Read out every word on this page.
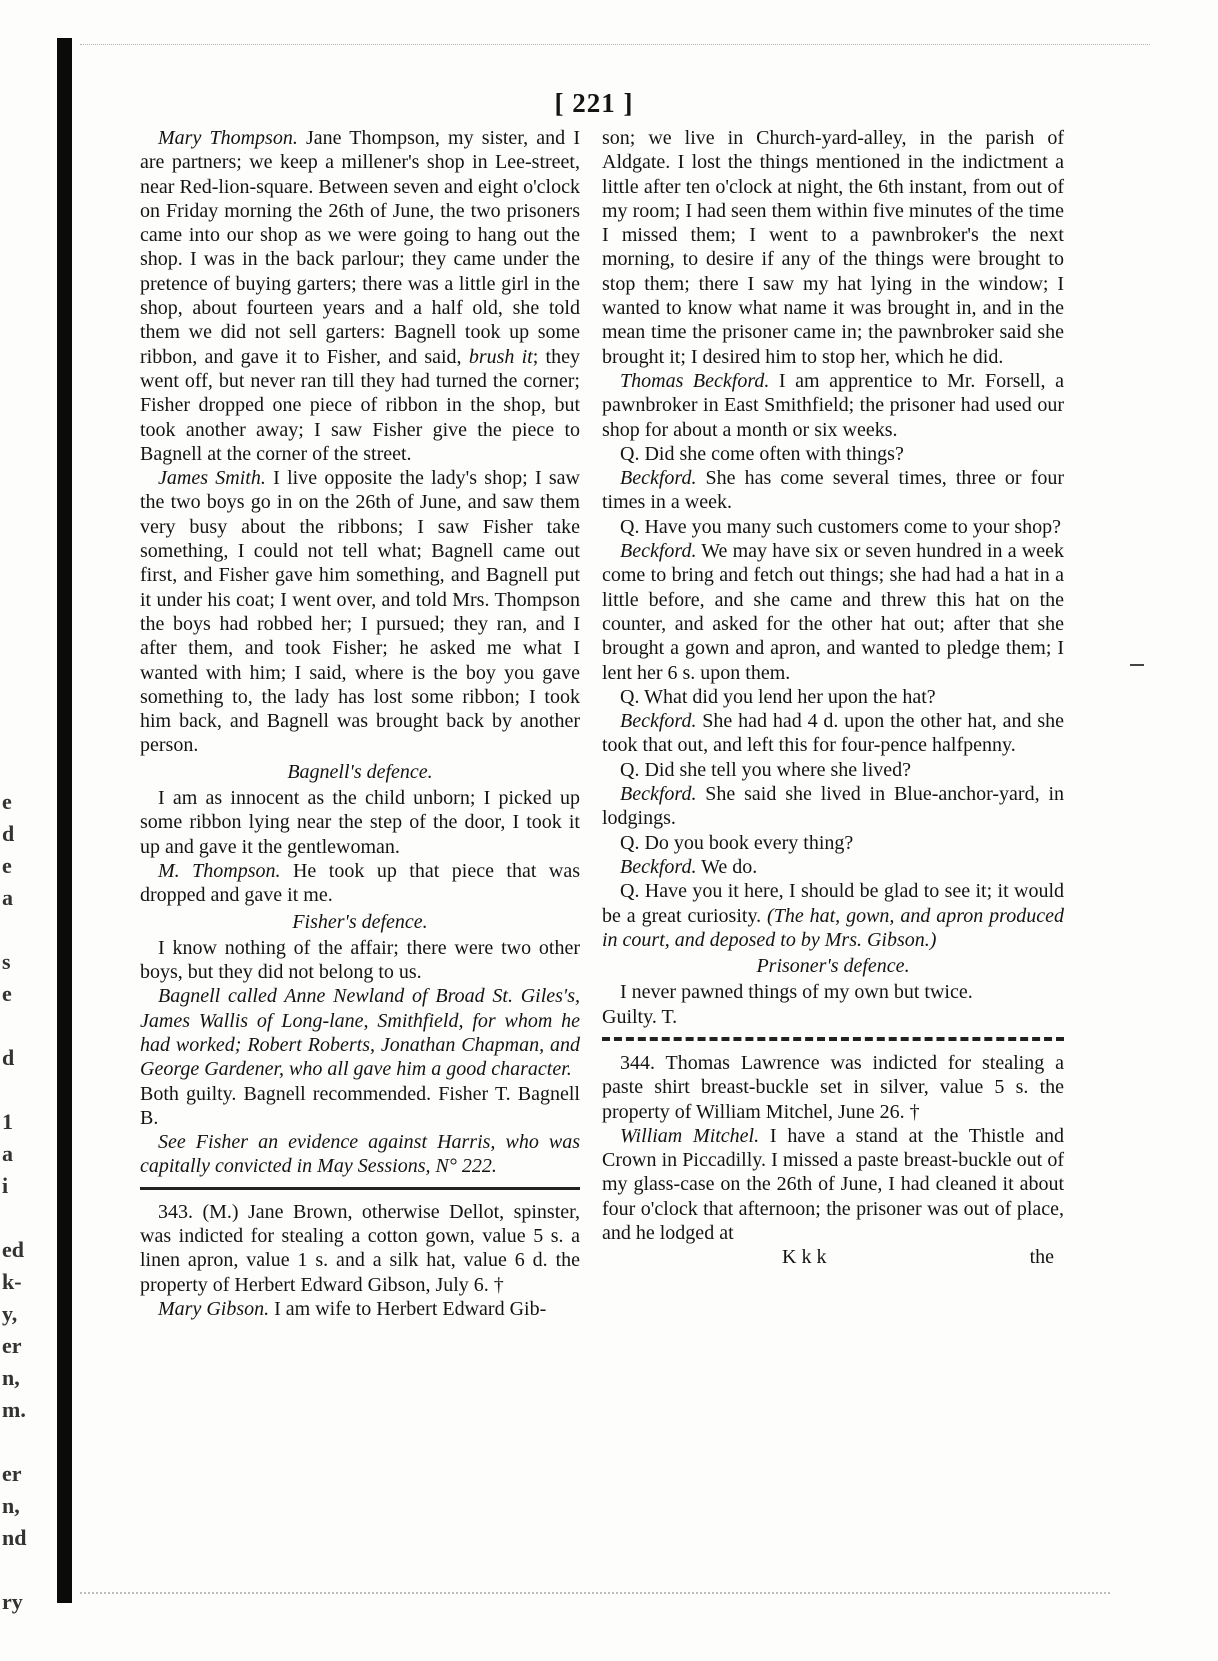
e
d
e
a
s
e
d
1
a
i
ed
k-
y,
er
n,
m.
er
n,
nd
ry
[ 221 ]

Mary Thompson. Jane Thompson, my sister, and I are partners; we keep a millener's shop in Lee-street, near Red-lion-square. Between seven and eight o'clock on Friday morning the 26th of June, the two prisoners came into our shop as we were going to hang out the shop. I was in the back parlour; they came under the pretence of buying garters; there was a little girl in the shop, about fourteen years and a half old, she told them we did not sell garters: Bagnell took up some ribbon, and gave it to Fisher, and said, brush it; they went off, but never ran till they had turned the corner; Fisher dropped one piece of ribbon in the shop, but took another away; I saw Fisher give the piece to Bagnell at the corner of the street.

James Smith. I live opposite the lady's shop; I saw the two boys go in on the 26th of June, and saw them very busy about the ribbons; I saw Fisher take something, I could not tell what; Bagnell came out first, and Fisher gave him something, and Bagnell put it under his coat; I went over, and told Mrs. Thompson the boys had robbed her; I pursued; they ran, and I after them, and took Fisher; he asked me what I wanted with him; I said, where is the boy you gave something to, the lady has lost some ribbon; I took him back, and Bagnell was brought back by another person.

Bagnell's defence.

I am as innocent as the child unborn; I picked up some ribbon lying near the step of the door, I took it up and gave it the gentlewoman.

M. Thompson. He took up that piece that was dropped and gave it me.

Fisher's defence.

I know nothing of the affair; there were two other boys, but they did not belong to us.

Bagnell called Anne Newland of Broad St. Giles's, James Wallis of Long-lane, Smithfield, for whom he had worked; Robert Roberts, Jonathan Chapman, and George Gardener, who all gave him a good character.

Both guilty. Bagnell recommended. Fisher T. Bagnell B.

See Fisher an evidence against Harris, who was capitally convicted in May Sessions, N° 222.

343. (M.) Jane Brown, otherwise Dellot, spinster, was indicted for stealing a cotton gown, value 5 s. a linen apron, value 1 s. and a silk hat, value 6 d. the property of Herbert Edward Gibson, July 6. †

Mary Gibson. I am wife to Herbert Edward Gib-

son; we live in Church-yard-alley, in the parish of Aldgate. I lost the things mentioned in the indictment a little after ten o'clock at night, the 6th instant, from out of my room; I had seen them within five minutes of the time I missed them; I went to a pawnbroker's the next morning, to desire if any of the things were brought to stop them; there I saw my hat lying in the window; I wanted to know what name it was brought in, and in the mean time the prisoner came in; the pawnbroker said she brought it; I desired him to stop her, which he did.

Thomas Beckford. I am apprentice to Mr. Forsell, a pawnbroker in East Smithfield; the prisoner had used our shop for about a month or six weeks.

Q. Did she come often with things?

Beckford. She has come several times, three or four times in a week.

Q. Have you many such customers come to your shop?

Beckford. We may have six or seven hundred in a week come to bring and fetch out things; she had had a hat in a little before, and she came and threw this hat on the counter, and asked for the other hat out; after that she brought a gown and apron, and wanted to pledge them; I lent her 6 s. upon them.

Q. What did you lend her upon the hat?

Beckford. She had had 4 d. upon the other hat, and she took that out, and left this for four-pence halfpenny.

Q. Did she tell you where she lived?

Beckford. She said she lived in Blue-anchor-yard, in lodgings.

Q. Do you book every thing?

Beckford. We do.

Q. Have you it here, I should be glad to see it; it would be a great curiosity. (The hat, gown, and apron produced in court, and deposed to by Mrs. Gibson.)

Prisoner's defence.

I never pawned things of my own but twice.

Guilty. T.

344. Thomas Lawrence was indicted for stealing a paste shirt breast-buckle set in silver, value 5 s. the property of William Mitchel, June 26. †

William Mitchel. I have a stand at the Thistle and Crown in Piccadilly. I missed a paste breast-buckle out of my glass-case on the 26th of June, I had cleaned it about four o'clock that afternoon; the prisoner was out of place, and he lodged at

K k k	the
